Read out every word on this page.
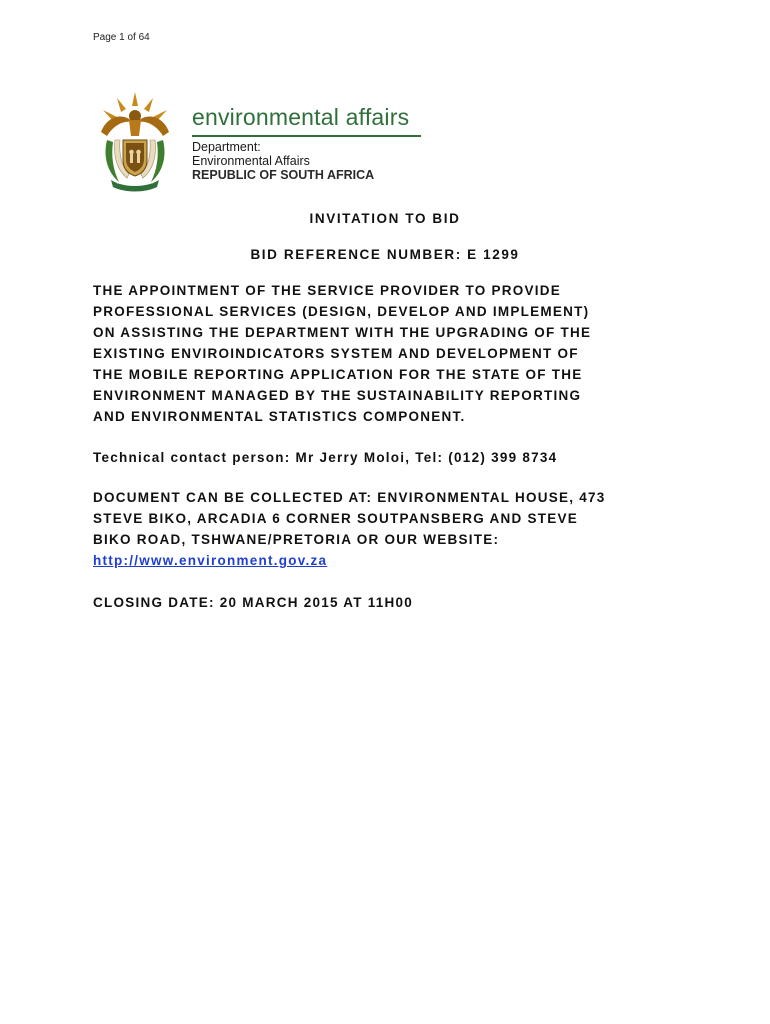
Page 1 of 64
environmental affairs
Department:
Environmental Affairs
REPUBLIC OF SOUTH AFRICA
INVITATION TO BID
BID REFERENCE NUMBER: E 1299
THE APPOINTMENT OF THE SERVICE PROVIDER TO PROVIDE
PROFESSIONAL SERVICES (DESIGN, DEVELOP AND IMPLEMENT)
ON ASSISTING THE DEPARTMENT WITH THE UPGRADING OF THE
EXISTING ENVIROINDICATORS SYSTEM AND DEVELOPMENT OF
THE MOBILE REPORTING APPLICATION FOR THE STATE OF THE
ENVIRONMENT MANAGED BY THE SUSTAINABILITY REPORTING
AND ENVIRONMENTAL STATISTICS COMPONENT.
Technical contact person: Mr Jerry Moloi, Tel: (012) 399 8734
DOCUMENT CAN BE COLLECTED AT: ENVIRONMENTAL HOUSE, 473
STEVE BIKO, ARCADIA 6 CORNER SOUTPANSBERG AND STEVE
BIKO ROAD, TSHWANE/PRETORIA OR OUR WEBSITE:
http://www.environment.gov.za
CLOSING DATE: 20 MARCH 2015 AT 11H00
